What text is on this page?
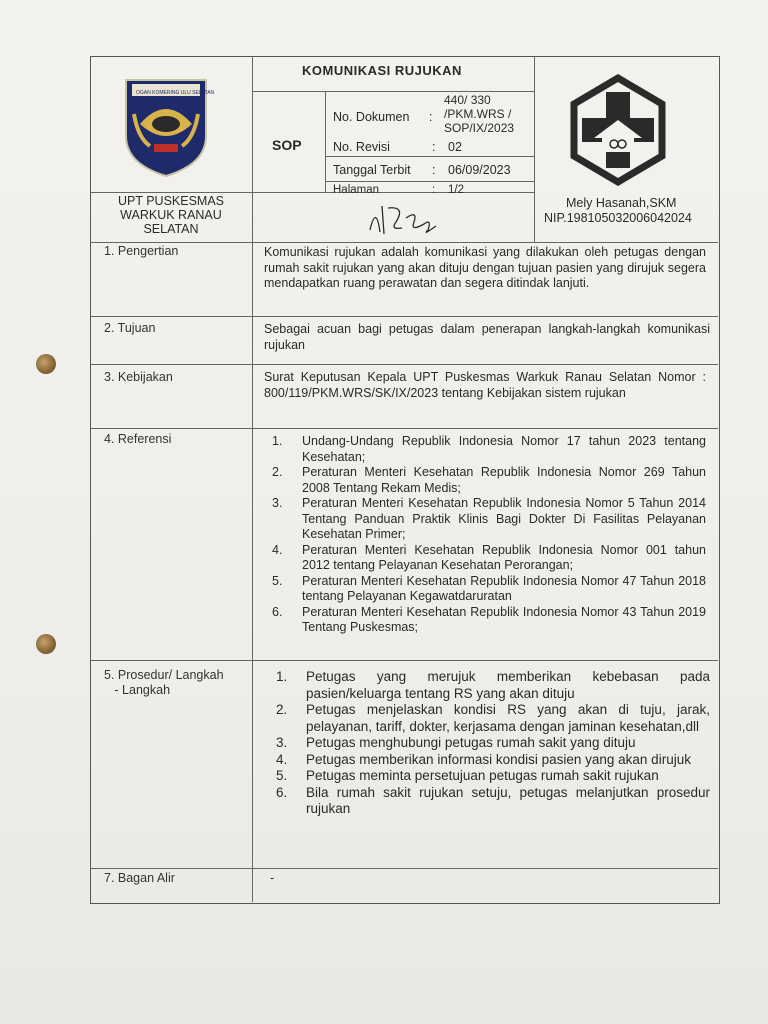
OGAN KOMERING ULU SELATAN
KOMUNIKASI RUJUKAN
SOP
No. Dokumen :
440/ 330
/PKM.WRS /
SOP/IX/2023
No. Revisi	: 02
Tanggal Terbit : 06/09/2023
Halaman	: 1/2
UPT PUSKESMAS
WARKUK RANAU
SELATAN
Mely Hasanah,SKM
NIP.198105032006042024
1. Pengertian	Komunikasi rujukan adalah komunikasi yang dilakukan oleh petugas dengan rumah sakit rujukan yang akan dituju dengan tujuan pasien yang dirujuk segera mendapatkan ruang perawatan dan segera ditindak lanjuti.
2. Tujuan	Sebagai acuan bagi petugas dalam penerapan langkah-langkah komunikasi rujukan
3. Kebijakan	Surat Keputusan Kepala UPT Puskesmas Warkuk Ranau Selatan Nomor : 800/119/PKM.WRS/SK/IX/2023 tentang Kebijakan sistem rujukan
4. Referensi	1.	Undang-Undang Republik Indonesia Nomor 17 tahun 2023 tentang Kesehatan;
2.	Peraturan Menteri Kesehatan Republik Indonesia Nomor 269 Tahun 2008 Tentang Rekam Medis;
3.	Peraturan Menteri Kesehatan Republik Indonesia Nomor 5 Tahun 2014 Tentang Panduan Praktik Klinis Bagi Dokter Di Fasilitas Pelayanan Kesehatan Primer;
4.	Peraturan Menteri Kesehatan Republik Indonesia Nomor 001 tahun 2012 tentang Pelayanan Kesehatan Perorangan;
5.	Peraturan Menteri Kesehatan Republik Indonesia Nomor 47 Tahun 2018 tentang Pelayanan Kegawatdaruratan
6.	Peraturan Menteri Kesehatan Republik Indonesia Nomor 43 Tahun 2019 Tentang Puskesmas;
5. Prosedur/ Langkah
- Langkah
1.	Petugas yang merujuk memberikan kebebasan pada pasien/keluarga tentang RS yang akan dituju
2.	Petugas menjelaskan kondisi RS yang akan di tuju, jarak, pelayanan, tariff, dokter, kerjasama dengan jaminan kesehatan,dll
3.	Petugas menghubungi petugas rumah sakit yang dituju
4.	Petugas memberikan informasi kondisi pasien yang akan dirujuk
5.	Petugas meminta persetujuan petugas rumah sakit rujukan
6.	Bila rumah sakit rujukan setuju, petugas melanjutkan prosedur rujukan
7. Bagan Alir	-
